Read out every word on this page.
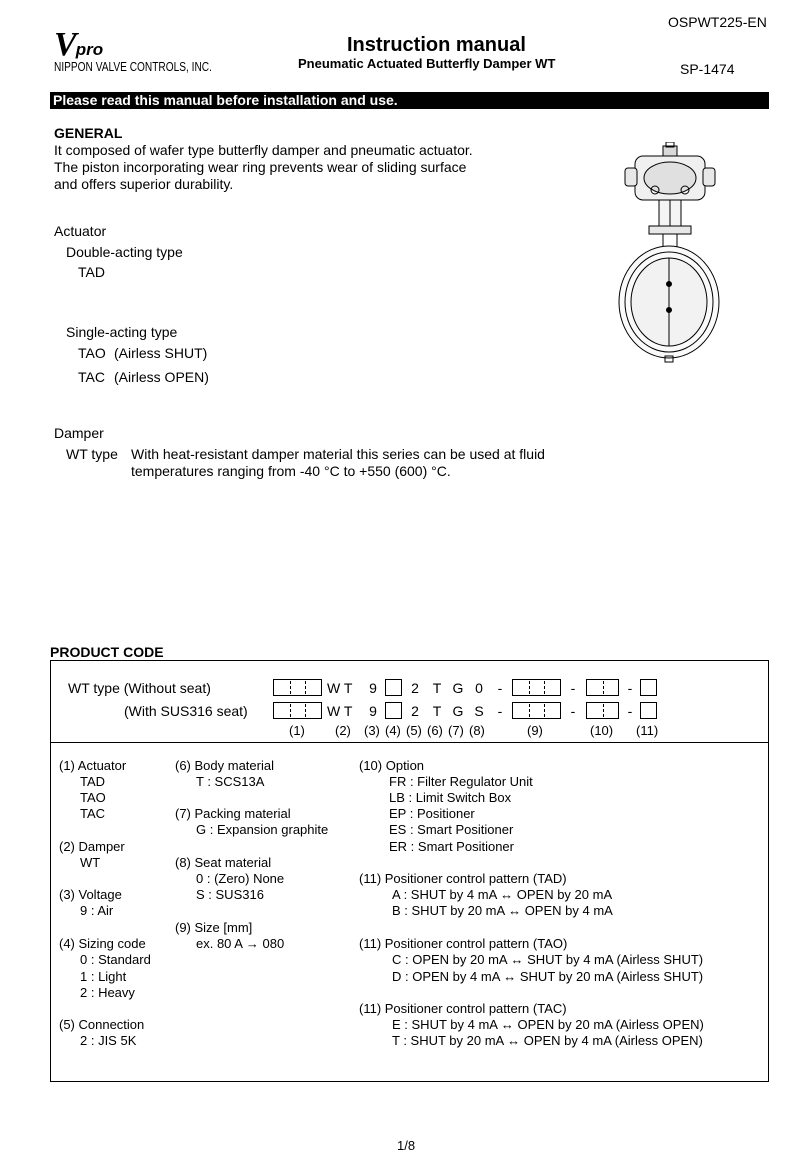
OSPWT225-EN
Vpro
NIPPON VALVE CONTROLS, INC.
Instruction manual
Pneumatic Actuated Butterfly Damper WT	SP-1474
Please read this manual before installation and use.
GENERAL
It composed of wafer type butterfly damper and pneumatic actuator.
The piston incorporating wear ring prevents wear of sliding surface
and offers superior durability.
Actuator
Double-acting type
TAD
Single-acting type
TAO (Airless SHUT)
TAC (Airless OPEN)
Damper
WT type With heat-resistant damper material this series can be used at fluid
temperatures ranging from -40 °C to +550 (600) °C.
PRODUCT CODE
WT type (Without seat)	W T	9 2 T G 0	-	-	-
(With SUS316 seat)	W T	9 2 T G S -	-	-
(1) (2) (3) (4) (5) (6) (7) (8)	(9)	(10) (11)
(1) Actuator
TAD
TAO
TAC
(2) Damper
WT
(3) Voltage
9 : Air
(4) Sizing code
0 : Standard
1 : Light
2 : Heavy
(5) Connection
2 : JIS 5K
(6) Body material
T : SCS13A
(7) Packing material
G : Expansion graphite
(8) Seat material
0 : (Zero) None
S : SUS316
(9) Size [mm]
ex. 80 A → 080
(10) Option
FR : Filter Regulator Unit
LB : Limit Switch Box
EP : Positioner
ES : Smart Positioner
ER : Smart Positioner
(11) Positioner control pattern (TAD)
A : SHUT by 4 mA ↔ OPEN by 20 mA
B : SHUT by 20 mA ↔ OPEN by 4 mA
(11) Positioner control pattern (TAO)
C : OPEN by 20 mA ↔ SHUT by 4 mA (Airless SHUT)
D : OPEN by 4 mA ↔ SHUT by 20 mA (Airless SHUT)
(11) Positioner control pattern (TAC)
E : SHUT by 4 mA ↔ OPEN by 20 mA (Airless OPEN)
T : SHUT by 20 mA ↔ OPEN by 4 mA (Airless OPEN)
1/8
